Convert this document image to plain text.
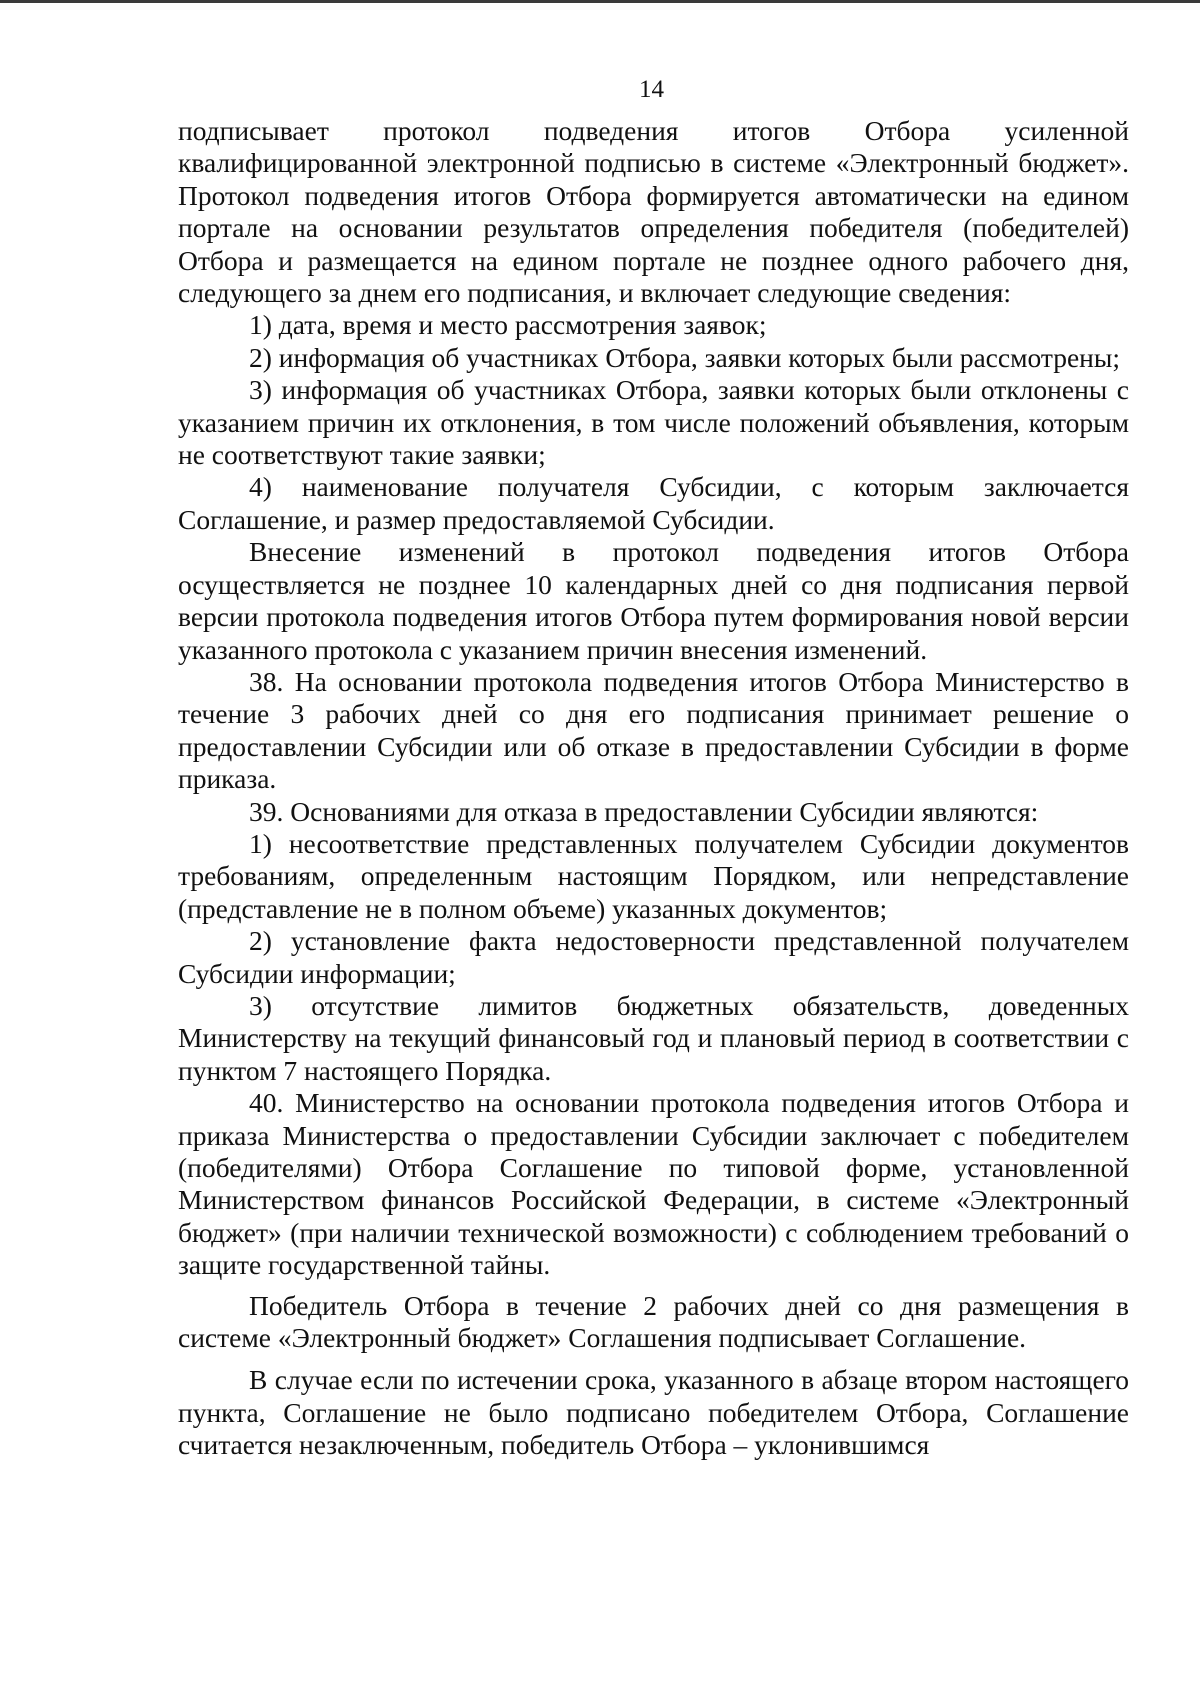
14

подписывает протокол подведения итогов Отбора усиленной квалифицированной электронной подписью в системе «Электронный бюджет». Протокол подведения итогов Отбора формируется автоматически на едином портале на основании результатов определения победителя (победителей) Отбора и размещается на едином портале не позднее одного рабочего дня, следующего за днем его подписания, и включает следующие сведения:

1) дата, время и место рассмотрения заявок;

2) информация об участниках Отбора, заявки которых были рассмотрены;

3) информация об участниках Отбора, заявки которых были отклонены с указанием причин их отклонения, в том числе положений объявления, которым не соответствуют такие заявки;

4) наименование получателя Субсидии, с которым заключается Соглашение, и размер предоставляемой Субсидии.

Внесение изменений в протокол подведения итогов Отбора осуществляется не позднее 10 календарных дней со дня подписания первой версии протокола подведения итогов Отбора путем формирования новой версии указанного протокола с указанием причин внесения изменений.

38. На основании протокола подведения итогов Отбора Министерство в течение 3 рабочих дней со дня его подписания принимает решение о предоставлении Субсидии или об отказе в предоставлении Субсидии в форме приказа.

39. Основаниями для отказа в предоставлении Субсидии являются:

1) несоответствие представленных получателем Субсидии документов требованиям, определенным настоящим Порядком, или непредставление (представление не в полном объеме) указанных документов;

2) установление факта недостоверности представленной получателем Субсидии информации;

3) отсутствие лимитов бюджетных обязательств, доведенных Министерству на текущий финансовый год и плановый период в соответствии с пунктом 7 настоящего Порядка.

40. Министерство на основании протокола подведения итогов Отбора и приказа Министерства о предоставлении Субсидии заключает с победителем (победителями) Отбора Соглашение по типовой форме, установленной Министерством финансов Российской Федерации, в системе «Электронный бюджет» (при наличии технической возможности) с соблюдением требований о защите государственной тайны.

Победитель Отбора в течение 2 рабочих дней со дня размещения в системе «Электронный бюджет» Соглашения подписывает Соглашение.

В случае если по истечении срока, указанного в абзаце втором настоящего пункта, Соглашение не было подписано победителем Отбора, Соглашение считается незаключенным, победитель Отбора – уклонившимся
